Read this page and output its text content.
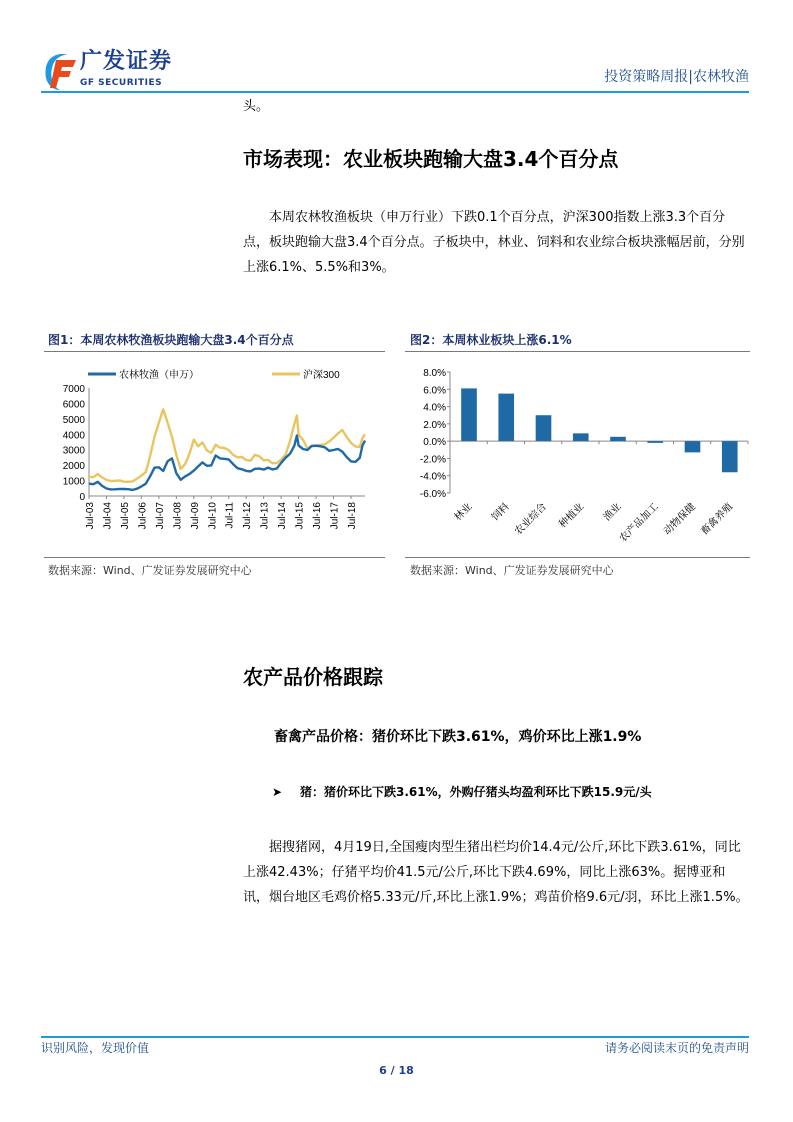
广发证券
GF SECURITIES	投资策略周报|农林牧渔
头。
市场表现：农业板块跑输大盘3.4个百分点
本周农林牧渔板块（申万行业）下跌0.1个百分点，沪深300指数上涨3.3个百分点，板块跑输大盘3.4个百分点。子板块中，林业、饲料和农业综合板块涨幅居前，分别上涨6.1%、5.5%和3%。
图1：本周农林牧渔板块跑输大盘3.4个百分点
0
1000
2000
3000
4000
5000
6000
7000
Jul-03 Jul-04 Jul-05 Jul-06 Jul-07 Jul-08 Jul-09 Jul-10 Jul-11 Jul-12 Jul-13 Jul-14 Jul-15 Jul-16 Jul-17 Jul-18
农林牧渔（申万）	沪深300
数据来源：Wind、广发证券发展研究中心
图2：本周林业板块上涨6.1%
-6.0%
-4.0%
-2.0%
0.0%
2.0%
4.0%
6.0%
8.0%
林业 饲料 农业综合 种植业 渔业
农产品加工 动物保健 畜禽养殖
数据来源：Wind、广发证券发展研究中心
农产品价格跟踪
畜禽产品价格：猪价环比下跌3.61%，鸡价环比上涨1.9%
➤ 猪：猪价环比下跌3.61%，外购仔猪头均盈利环比下跌15.9元/头
据搜猪网，4月19日,全国瘦肉型生猪出栏均价14.4元/公斤,环比下跌3.61%，同比上涨42.43%；仔猪平均价41.5元/公斤,环比下跌4.69%，同比上涨63%。据博亚和讯，烟台地区毛鸡价格5.33元/斤,环比上涨1.9%；鸡苗价格9.6元/羽，环比上涨1.5%。
识别风险，发现价值	请务必阅读末页的免责声明
6 / 18
